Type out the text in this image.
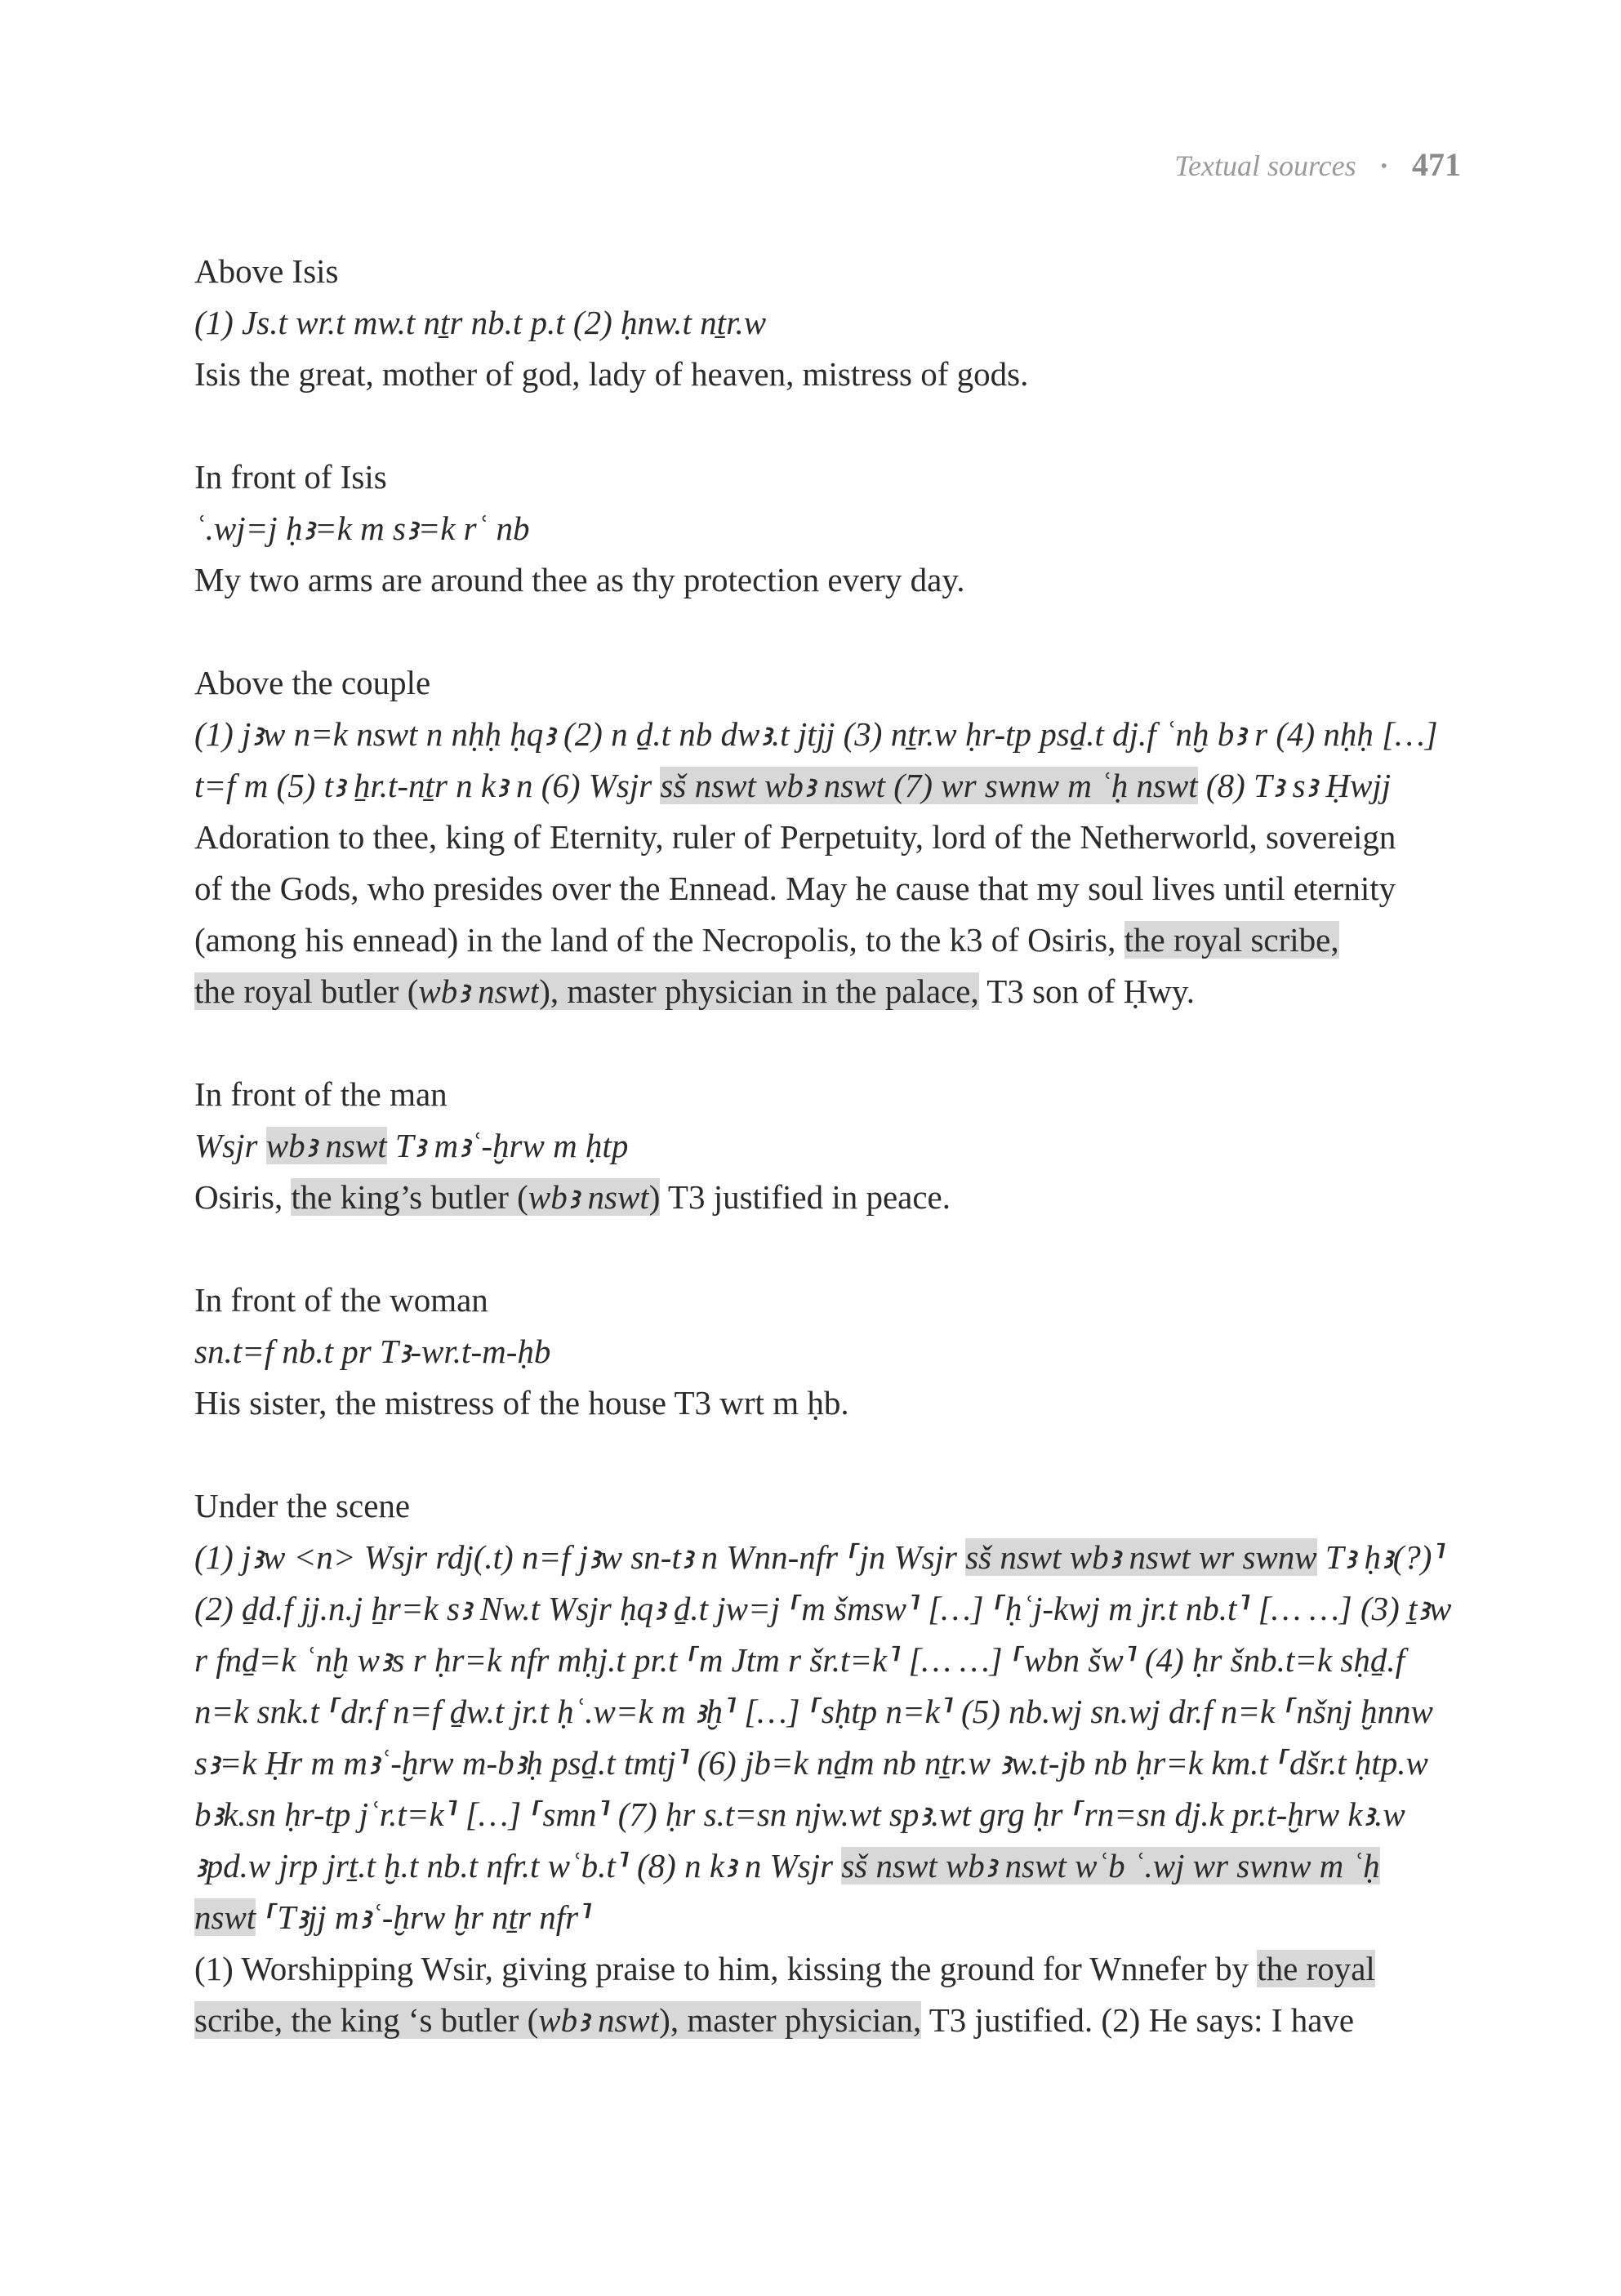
Textual sources • 471
Above Isis
(1) Js.t wr.t mw.t nṯr nb.t p.t (2) ḥnw.t nṯr.w
Isis the great, mother of god, lady of heaven, mistress of gods.
In front of Isis
ʿ.wj=j ḥꜣ=k m sꜣ=k rʿ nb
My two arms are around thee as thy protection every day.
Above the couple
(1) jꜣw n=k nswt n nḥḥ ḥqꜣ (2) n ḏ.t nb dwꜣ.t jtjj (3) nṯr.w ḥr-tp psḏ.t dj.f ʿnḫ bꜣ r (4) nḥḥ […]
t=f m (5) tꜣ ẖr.t-nṯr n kꜣ n (6) Wsjr sš nswt wbꜣ nswt (7) wr swnw m ʿḥ nswt (8) Tꜣ sꜣ Ḥwjj
Adoration to thee, king of Eternity, ruler of Perpetuity, lord of the Netherworld, sovereign
of the Gods, who presides over the Ennead. May he cause that my soul lives until eternity
(among his ennead) in the land of the Necropolis, to the k3 of Osiris, the royal scribe,
the royal butler (wbꜣ nswt), master physician in the palace, T3 son of Ḥwy.
In front of the man
Wsjr wbꜣ nswt Tꜣ mꜣʿ-ḫrw m ḥtp
Osiris, the king’s butler (wbꜣ nswt) T3 justified in peace.
In front of the woman
sn.t=f nb.t pr Tꜣ-wr.t-m-ḥb
His sister, the mistress of the house T3 wrt m ḥb.
Under the scene
(1) jꜣw <n> Wsjr rdj(.t) n=f jꜣw sn-tꜣ n Wnn-nfr ⸢jn Wsjr sš nswt wbꜣ nswt wr swnw Tꜣ ḥꜣ(?)⸣
(2) ḏd.f jj.n.j ẖr=k sꜣ Nw.t Wsjr ḥqꜣ ḏ.t jw=j ⸢m šmsw⸣ […] ⸢ḥʿj-kwj m jr.t nb.t⸣ [… …] (3) ṯꜣw
r fnḏ=k ʿnḫ wꜣs r ḥr=k nfr mḥj.t pr.t ⸢m Jtm r šr.t=k⸣ [… …] ⸢wbn šw⸣ (4) ḥr šnb.t=k sḥḏ.f
n=k snk.t ⸢dr.f n=f ḏw.t jr.t ḥʿ.w=k m ꜣḫ⸣ […] ⸢sḥtp n=k⸣ (5) nb.wj sn.wj dr.f n=k ⸢nšnj ḫnnw
sꜣ=k Ḥr m mꜣʿ-ḫrw m-bꜣḥ psḏ.t tmtj⸣ (6) jb=k nḏm nb nṯr.w ꜣw.t-jb nb ḥr=k km.t ⸢dšr.t ḥtp.w
bꜣk.sn ḥr-tp jʿr.t=k⸣ […] ⸢smn⸣ (7) ḥr s.t=sn njw.wt spꜣ.wt grg ḥr ⸢rn=sn dj.k pr.t-ḫrw kꜣ.w
ꜣpd.w jrp jrṯ.t ḫ.t nb.t nfr.t wʿb.t⸣ (8) n kꜣ n Wsjr sš nswt wbꜣ nswt wʿb ʿ.wj wr swnw m ʿḥ
nswt ⸢Tꜣjj mꜣʿ-ḫrw ḫr nṯr nfr⸣
(1) Worshipping Wsir, giving praise to him, kissing the ground for Wnnefer by the royal
scribe, the king ‘s butler (wbꜣ nswt), master physician, T3 justified. (2) He says: I have
